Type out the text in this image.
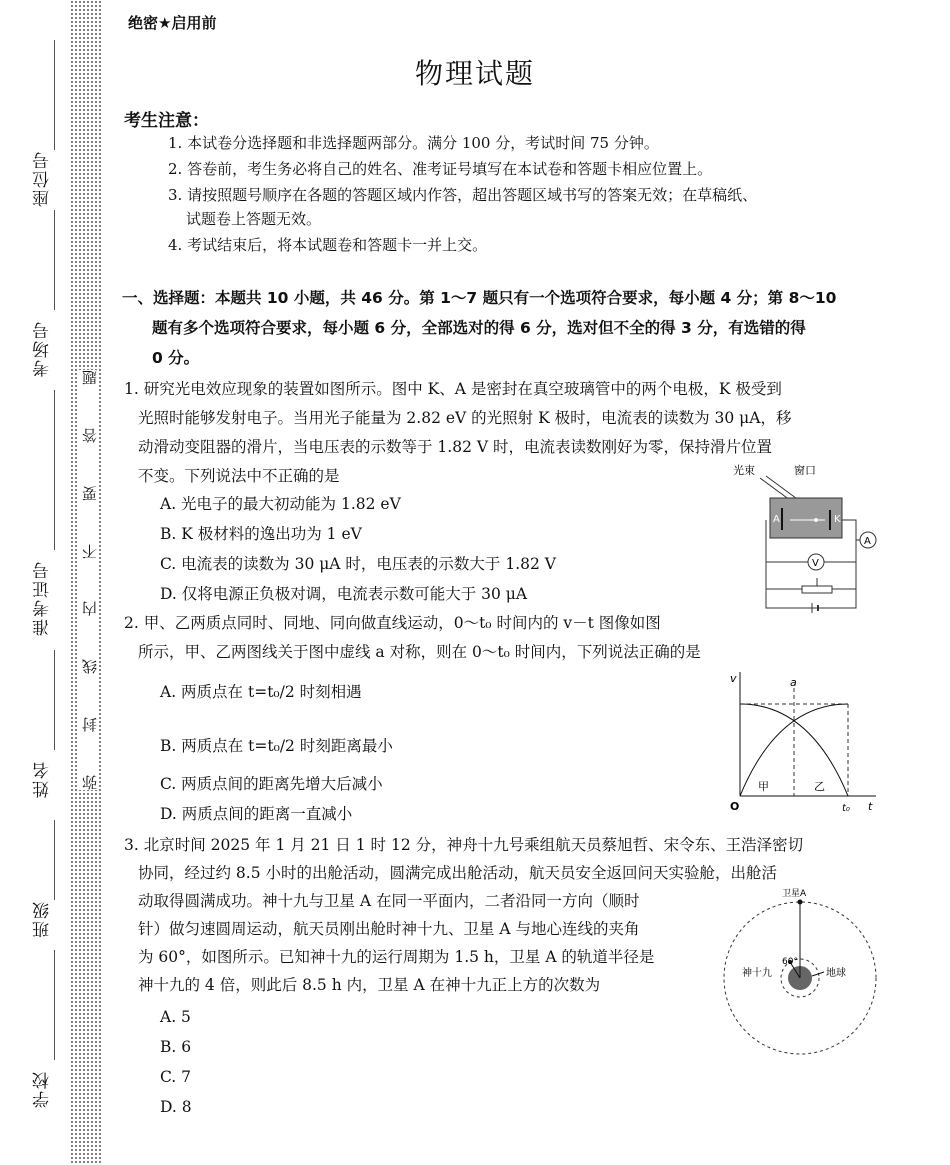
座位号
考场号
准考证号
姓名
班级
学校
题
答
要
不
内
线
封
弥
绝密★启用前
物理试题
考生注意：
1. 本试卷分选择题和非选择题两部分。满分 100 分，考试时间 75 分钟。
2. 答卷前，考生务必将自己的姓名、准考证号填写在本试卷和答题卡相应位置上。
3. 请按照题号顺序在各题的答题区域内作答，超出答题区域书写的答案无效；在草稿纸、
试题卷上答题无效。
4. 考试结束后，将本试题卷和答题卡一并上交。
一、选择题：本题共 10 小题，共 46 分。第 1～7 题只有一个选项符合要求，每小题 4 分；第 8～10
题有多个选项符合要求，每小题 6 分，全部选对的得 6 分，选对但不全的得 3 分，有选错的得
0 分。
1. 研究光电效应现象的装置如图所示。图中 K、A 是密封在真空玻璃管中的两个电极，K 极受到
光照时能够发射电子。当用光子能量为 2.82 eV 的光照射 K 极时，电流表的读数为 30 μA，移
动滑动变阻器的滑片，当电压表的示数等于 1.82 V 时，电流表读数刚好为零，保持滑片位置
不变。下列说法中不正确的是
A. 光电子的最大初动能为 1.82 eV
B. K 极材料的逸出功为 1 eV
C. 电流表的读数为 30 μA 时，电压表的示数大于 1.82 V
D. 仅将电源正负极对调，电流表示数可能大于 30 μA
光束	窗口
A	K
A
V
2. 甲、乙两质点同时、同地、同向做直线运动，0～t₀ 时间内的 v－t 图像如图
所示，甲、乙两图线关于图中虚线 a 对称，则在 0～t₀ 时间内，下列说法正确的是
A. 两质点在 t=t₀/2 时刻相遇
B. 两质点在 t=t₀/2 时刻距离最小
C. 两质点间的距离先增大后减小
D. 两质点间的距离一直减小
v
t
O
a
甲	乙
t₀
3. 北京时间 2025 年 1 月 21 日 1 时 12 分，神舟十九号乘组航天员蔡旭哲、宋令东、王浩泽密切
协同，经过约 8.5 小时的出舱活动，圆满完成出舱活动，航天员安全返回问天实验舱，出舱活
动取得圆满成功。神十九与卫星 A 在同一平面内，二者沿同一方向（顺时
针）做匀速圆周运动，航天员刚出舱时神十九、卫星 A 与地心连线的夹角
为 60°，如图所示。已知神十九的运行周期为 1.5 h，卫星 A 的轨道半径是
神十九的 4 倍，则此后 8.5 h 内，卫星 A 在神十九正上方的次数为
A. 5
B. 6
C. 7
D. 8
卫星A
60°
神十九	地球
